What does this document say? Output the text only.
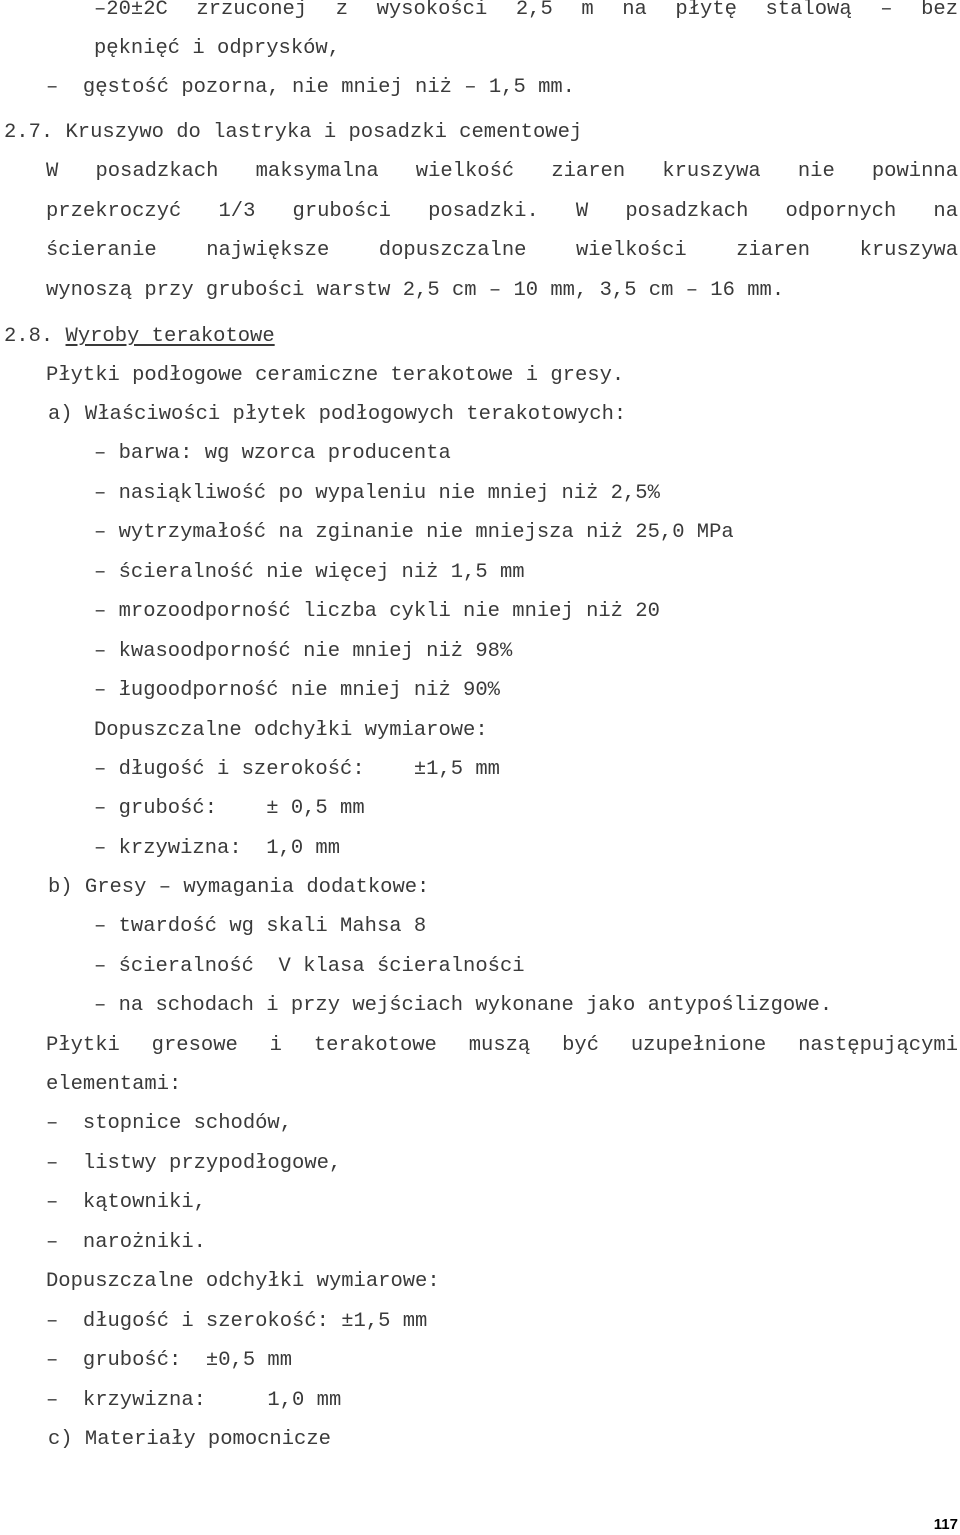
–20±2C zrzuconej z wysokości 2,5 m na płytę stalową – bez
pęknięć i odprysków,
–  gęstość pozorna, nie mniej niż – 1,5 mm.
2.7. Kruszywo do lastryka i posadzki cementowej
W posadzkach maksymalna wielkość ziaren kruszywa nie powinna
przekroczyć 1/3 grubości posadzki. W posadzkach odpornych na
ścieranie największe dopuszczalne wielkości ziaren kruszywa
wynoszą przy grubości warstw 2,5 cm – 10 mm, 3,5 cm – 16 mm.
2.8. Wyroby terakotowe
Płytki podłogowe ceramiczne terakotowe i gresy.
a) Właściwości płytek podłogowych terakotowych:
– barwa: wg wzorca producenta
– nasiąkliwość po wypaleniu nie mniej niż 2,5%
– wytrzymałość na zginanie nie mniejsza niż 25,0 MPa
– ścieralność nie więcej niż 1,5 mm
– mrozoodporność liczba cykli nie mniej niż 20
– kwasoodporność nie mniej niż 98%
– ługoodporność nie mniej niż 90%
Dopuszczalne odchyłki wymiarowe:
– długość i szerokość:    ±1,5 mm
– grubość:    ± 0,5 mm
– krzywizna:  1,0 mm
b) Gresy – wymagania dodatkowe:
– twardość wg skali Mahsa 8
– ścieralność  V klasa ścieralności
– na schodach i przy wejściach wykonane jako antypoślizgowe.
Płytki gresowe i terakotowe muszą być uzupełnione następującymi
elementami:
–  stopnice schodów,
–  listwy przypodłogowe,
–  kątowniki,
–  narożniki.
Dopuszczalne odchyłki wymiarowe:
–  długość i szerokość: ±1,5 mm
–  grubość:  ±0,5 mm
–  krzywizna:     1,0 mm
c) Materiały pomocnicze
117
